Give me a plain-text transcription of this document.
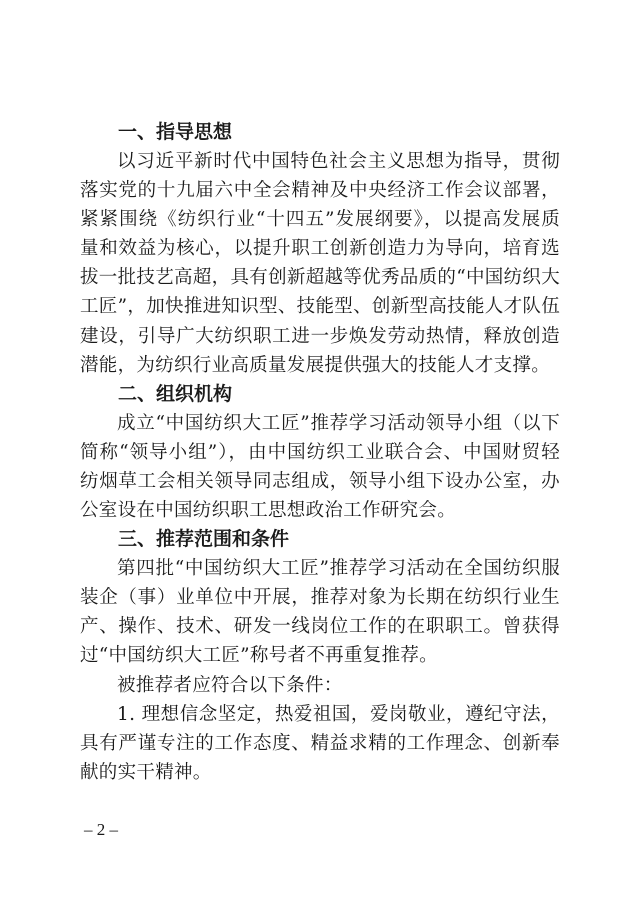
一、指导思想

以习近平新时代中国特色社会主义思想为指导，贯彻落实党的十九届六中全会精神及中央经济工作会议部署，紧紧围绕《纺织行业“十四五”发展纲要》，以提高发展质量和效益为核心，以提升职工创新创造力为导向，培育选拔一批技艺高超，具有创新超越等优秀品质的“中国纺织大工匠”，加快推进知识型、技能型、创新型高技能人才队伍建设，引导广大纺织职工进一步焕发劳动热情，释放创造潜能，为纺织行业高质量发展提供强大的技能人才支撑。

二、组织机构

成立“中国纺织大工匠”推荐学习活动领导小组（以下简称“领导小组”），由中国纺织工业联合会、中国财贸轻纺烟草工会相关领导同志组成，领导小组下设办公室，办公室设在中国纺织职工思想政治工作研究会。

三、推荐范围和条件

第四批“中国纺织大工匠”推荐学习活动在全国纺织服装企（事）业单位中开展，推荐对象为长期在纺织行业生产、操作、技术、研发一线岗位工作的在职职工。曾获得过“中国纺织大工匠”称号者不再重复推荐。

被推荐者应符合以下条件：

1. 理想信念坚定，热爱祖国，爱岗敬业，遵纪守法，具有严谨专注的工作态度、精益求精的工作理念、创新奉献的实干精神。

– 2 –
